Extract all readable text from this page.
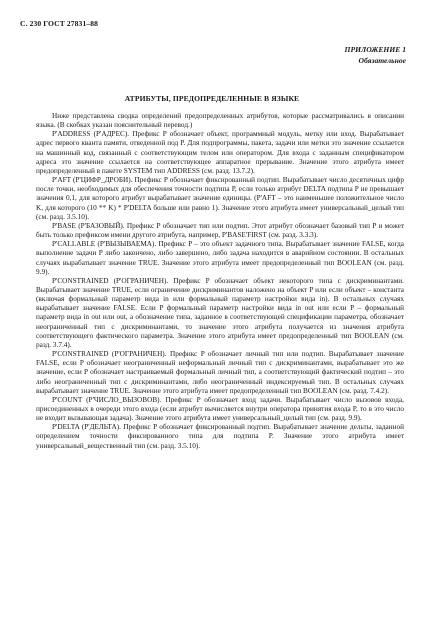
С. 230 ГОСТ 27831–88
ПРИЛОЖЕНИЕ 1
Обязательное
АТРИБУТЫ, ПРЕДОПРЕДЕЛЕННЫЕ В ЯЗЫКЕ

Ниже представлена сводка определений предопределенных атрибутов, которые рассматривались в описании языка. (В скобках указан пояснительный перевод.)

P'ADDRESS (P'АДРЕС). Префикс P обозначает объект, программный модуль, метку или вход. Вырабатывает адрес первого кванта памяти, отведенной под P. Для подпрограммы, пакета, задачи или метки это значение ссылается на машинный код, связанный с соответствующим телом или оператором. Для входа с заданным спецификатором адреса это значение ссылается на соответствующее аппаратное прерывание. Значение этого атрибута имеет предопределенный в пакете SYSTEM тип ADDRESS (см. разд. 13.7.2).

P'AFT (P'ЦИФР_ДРОБИ). Префикс P обозначает фиксированный подтип. Вырабатывает число десятичных цифр после точки, необходимых для обеспечения точности подтипа P, если только атрибут DELTA подтипа P не превышает значения 0,1, для которого атрибут вырабатывает значение единицы. (P'AFT – это наименьшее положительное число K, для которого (10 ** K) * P'DELTA больше или равно 1). Значение этого атрибута имеет универсальный_целый тип (см. разд. 3.5.10).

P'BASE (P'БАЗОВЫЙ). Префикс P обозначает тип или подтип. Этот атрибут обозначает базовый тип P и может быть только префиксом имени другого атрибута, например, P'BASE'FIRST (см. разд. 3.3.3).

P'CALLABLE (P'ВЫЗЫВАЕМА). Префикс P – это объект задачного типа. Вырабатывает значение FALSE, когда выполнение задачи P либо закончено, либо завершено, либо задача находится в аварийном состоянии. В остальных случаях вырабатывает значение TRUE. Значение этого атрибута имеет предопределенный тип BOOLEAN (см. разд. 9.9).

P'CONSTRAINED (P'ОГРАНИЧЕН). Префикс P обозначает объект некоторого типа с дискриминантами. Вырабатывает значение TRUE, если ограничение дискриминантов наложено на объект P или если объект – константа (включая формальный параметр вида in или формальный параметр настройки вида in). В остальных случаях вырабатывает значение FALSE. Если P формальный параметр настройки вида in out или если P – формальный параметр вида in out или out, а обозначение типа, заданное в соответствующей спецификации параметра, обозначает неограниченный тип с дискриминантами, то значение этого атрибута получается из значения атрибута соответствующего фактического параметра. Значение этого атрибута имеет предопределенный тип BOOLEAN (см. разд. 3.7.4).

P'CONSTRAINED (P'ОГРАНИЧЕН). Префикс P обозначает личный тип или подтип. Вырабатывает значение FALSE, если P обозначает неограниченный неформальный личный тип с дискриминантами, вырабатывает это же значение, если P обозначает настраиваемый формальный личный тип, а соответствующий фактический подтип – это либо неограниченный тип с дискриминантами, либо неограниченный индексируемый тип. В остальных случаях вырабатывает значение TRUE. Значение этого атрибута имеет предопределенный тип BOOLEAN (см. разд. 7.4.2).

P'COUNT (P'ЧИСЛО_ВЫЗОВОВ). Префикс P обозначает вход задачи. Вырабатывает число вызовов входа, присоединенных в очереди этого входа (если атрибут вычисляется внутри оператора принятия входа P, то в это число не входит вызывающая задача). Значение этого атрибута имеет универсальный_целый тип (см. разд. 9.9).

P'DELTA (P'ДЕЛЬТА). Префикс P обозначает фиксированный подтип. Вырабатывает значение дельты, заданной определением точности фиксированного типа для подтипа P. Значение этого атрибута имеет универсальный_вещественный тип (см. разд. 3.5.10).
